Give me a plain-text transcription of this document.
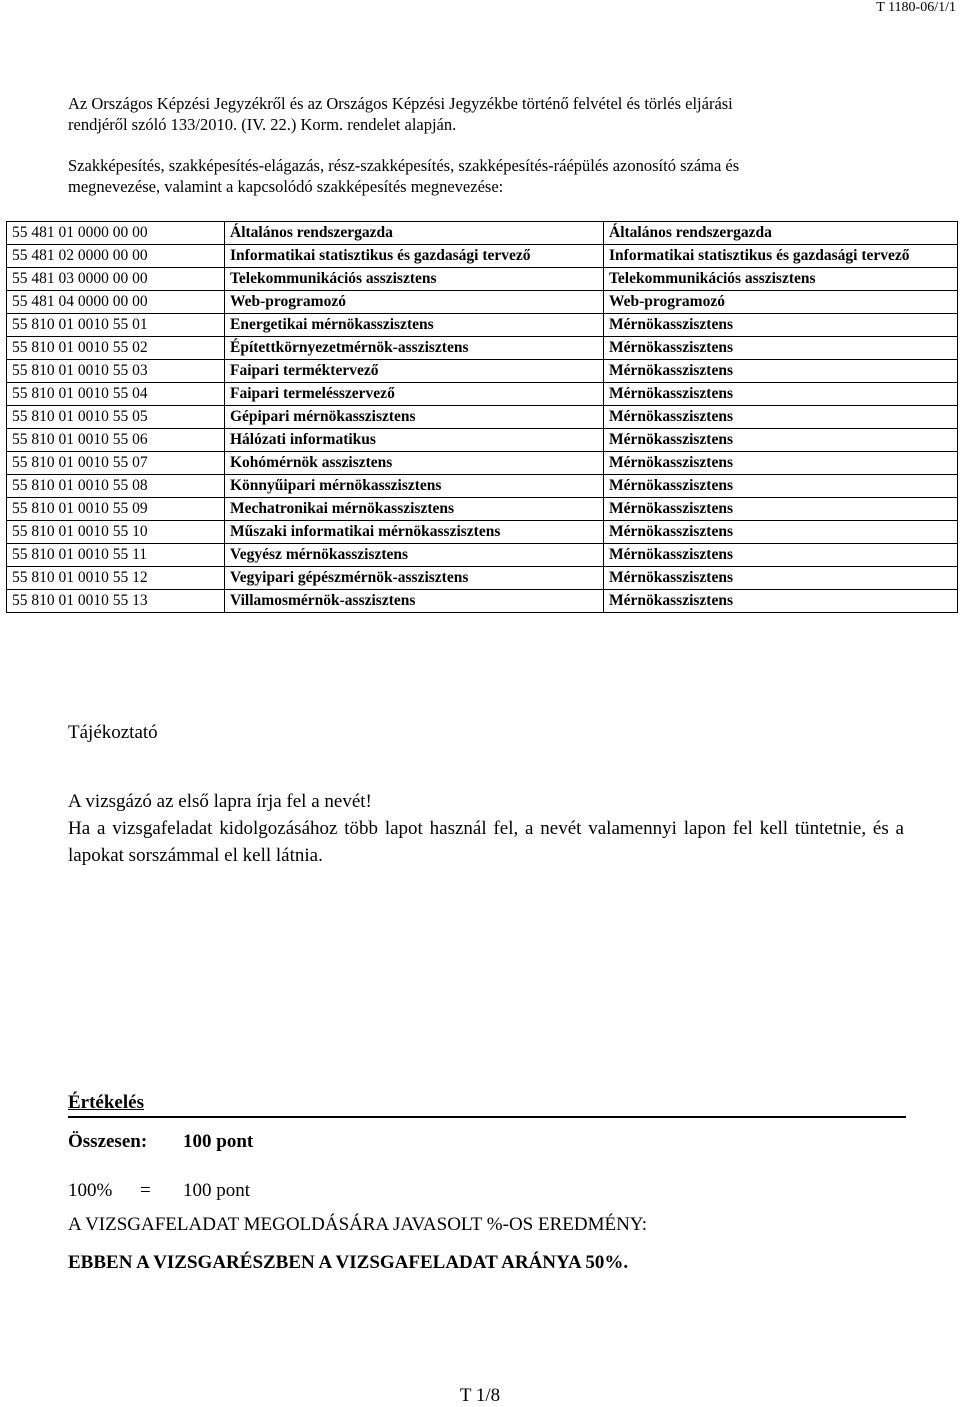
T 1180-06/1/1
Az Országos Képzési Jegyzékről és az Országos Képzési Jegyzékbe történő felvétel és törlés eljárási
rendjéről szóló 133/2010. (IV. 22.) Korm. rendelet alapján.
Szakképesítés, szakképesítés-elágazás, rész-szakképesítés, szakképesítés-ráépülés azonosító száma és
megnevezése, valamint a kapcsolódó szakképesítés megnevezése:
55 481 01 0000 00 00	Általános rendszergazda	Általános rendszergazda
55 481 02 0000 00 00	Informatikai statisztikus és gazdasági tervező	Informatikai statisztikus és gazdasági tervező
55 481 03 0000 00 00	Telekommunikációs asszisztens	Telekommunikációs asszisztens
55 481 04 0000 00 00	Web-programozó	Web-programozó
55 810 01 0010 55 01	Energetikai mérnökasszisztens	Mérnökasszisztens
55 810 01 0010 55 02	Építettkörnyezetmérnök-asszisztens	Mérnökasszisztens
55 810 01 0010 55 03	Faipari terméktervező	Mérnökasszisztens
55 810 01 0010 55 04	Faipari termelésszervező	Mérnökasszisztens
55 810 01 0010 55 05	Gépipari mérnökasszisztens	Mérnökasszisztens
55 810 01 0010 55 06	Hálózati informatikus	Mérnökasszisztens
55 810 01 0010 55 07	Kohómérnök asszisztens	Mérnökasszisztens
55 810 01 0010 55 08	Könnyűipari mérnökasszisztens	Mérnökasszisztens
55 810 01 0010 55 09	Mechatronikai mérnökasszisztens	Mérnökasszisztens
55 810 01 0010 55 10	Műszaki informatikai mérnökasszisztens	Mérnökasszisztens
55 810 01 0010 55 11	Vegyész mérnökasszisztens	Mérnökasszisztens
55 810 01 0010 55 12	Vegyipari gépészmérnök-asszisztens	Mérnökasszisztens
55 810 01 0010 55 13	Villamosmérnök-asszisztens	Mérnökasszisztens
Tájékoztató
A vizsgázó az első lapra írja fel a nevét!
Ha a vizsgafeladat kidolgozásához több lapot használ fel, a nevét valamennyi lapon fel kell tüntetnie, és a lapokat sorszámmal el kell látnia.
Értékelés
Összesen: 100 pont
100% = 100 pont
A VIZSGAFELADAT MEGOLDÁSÁRA JAVASOLT %-OS EREDMÉNY:
EBBEN A VIZSGARÉSZBEN A VIZSGAFELADAT ARÁNYA 50%.
T 1/8
